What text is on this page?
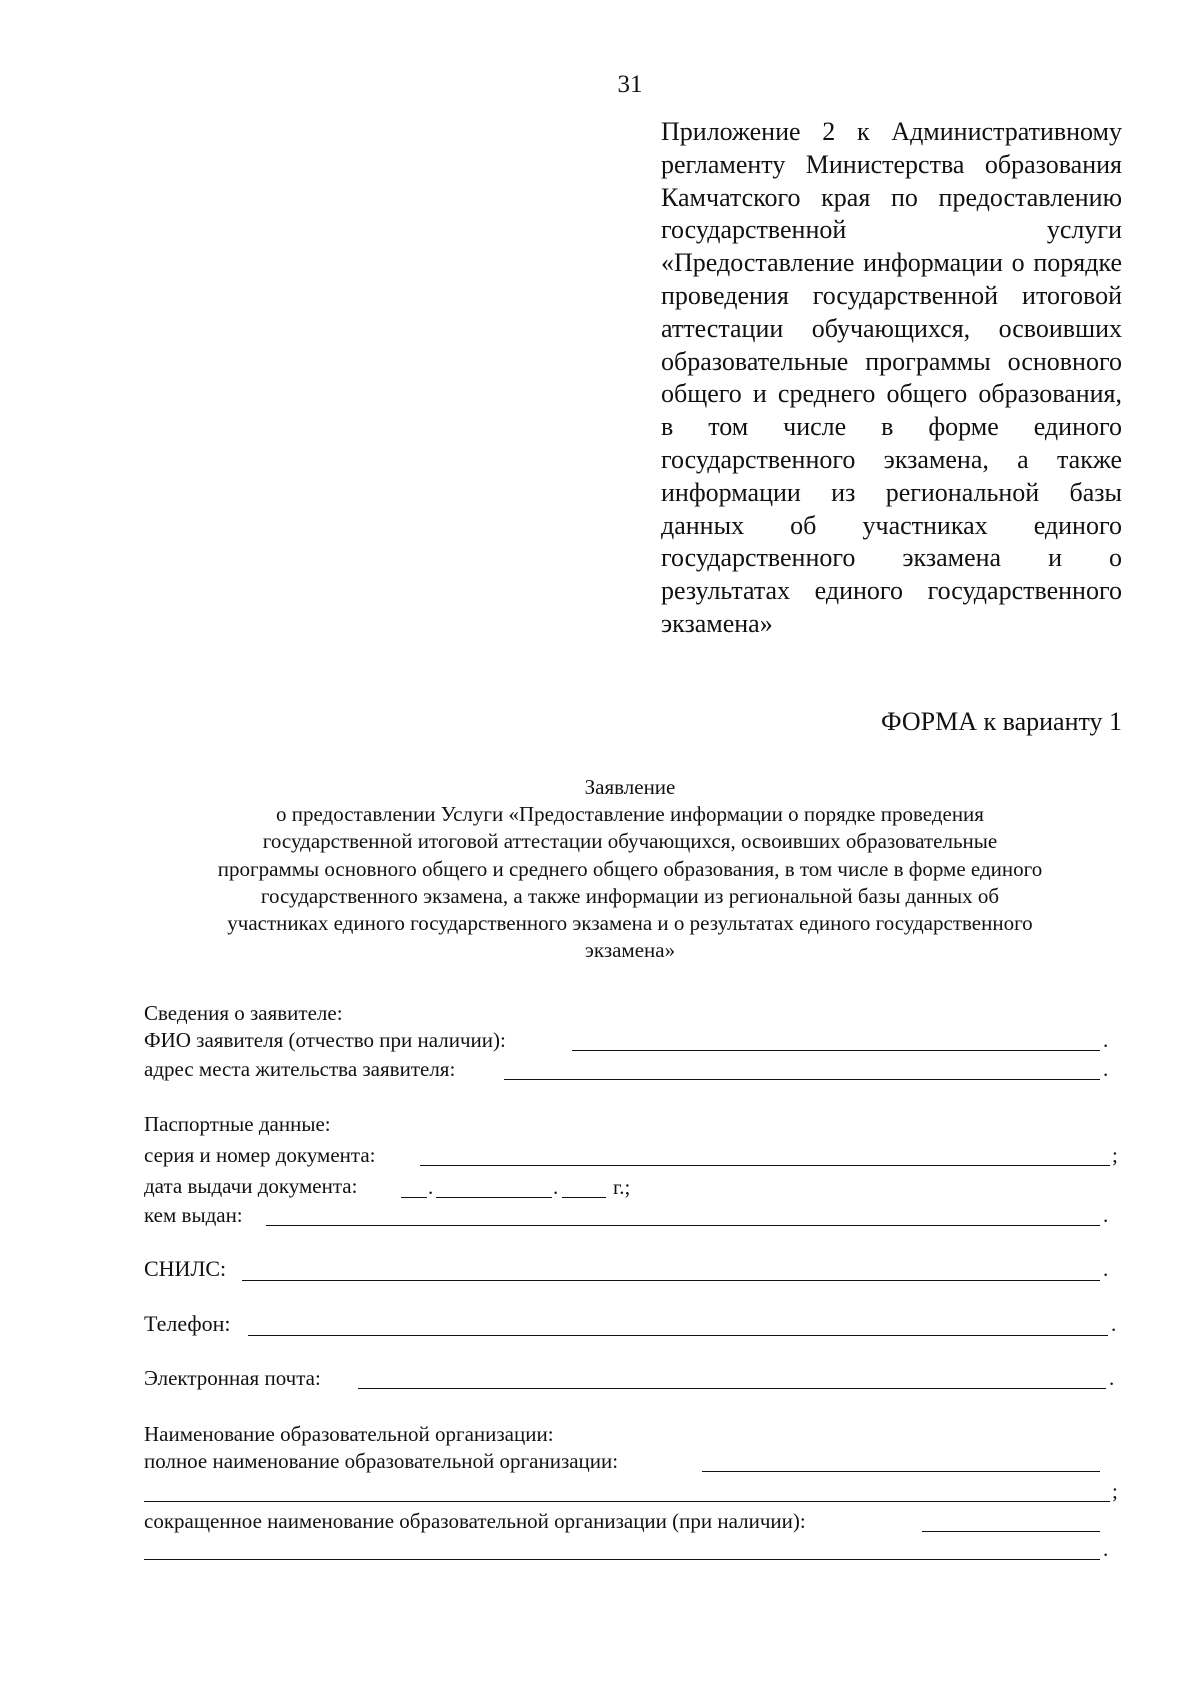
31
Приложение 2 к Административному регламенту Министерства образования Камчатского края по предоставлению государственной услуги «Предоставление информации о порядке проведения государственной итоговой аттестации обучающихся, освоивших образовательные программы основного общего и среднего общего образования, в том числе в форме единого государственного экзамена, а также информации из региональной базы данных об участниках единого государственного экзамена и о результатах единого государственного экзамена»
ФОРМА к варианту 1
Заявление
о предоставлении Услуги «Предоставление информации о порядке проведения
государственной итоговой аттестации обучающихся, освоивших образовательные
программы основного общего и среднего общего образования, в том числе в форме единого
государственного экзамена, а также информации из региональной базы данных об
участниках единого государственного экзамена и о результатах единого государственного
экзамена»
Сведения о заявителе:
ФИО заявителя (отчество при наличии):	.
адрес места жительства заявителя:	.
Паспортные данные:
серия и номер документа:	;
дата выдачи документа:	.	.	г.;
кем выдан:	.
СНИЛС:	.
Телефон:	.
Электронная почта:	.
Наименование образовательной организации:
полное наименование образовательной организации:
;
сокращенное наименование образовательной организации (при наличии):
.
